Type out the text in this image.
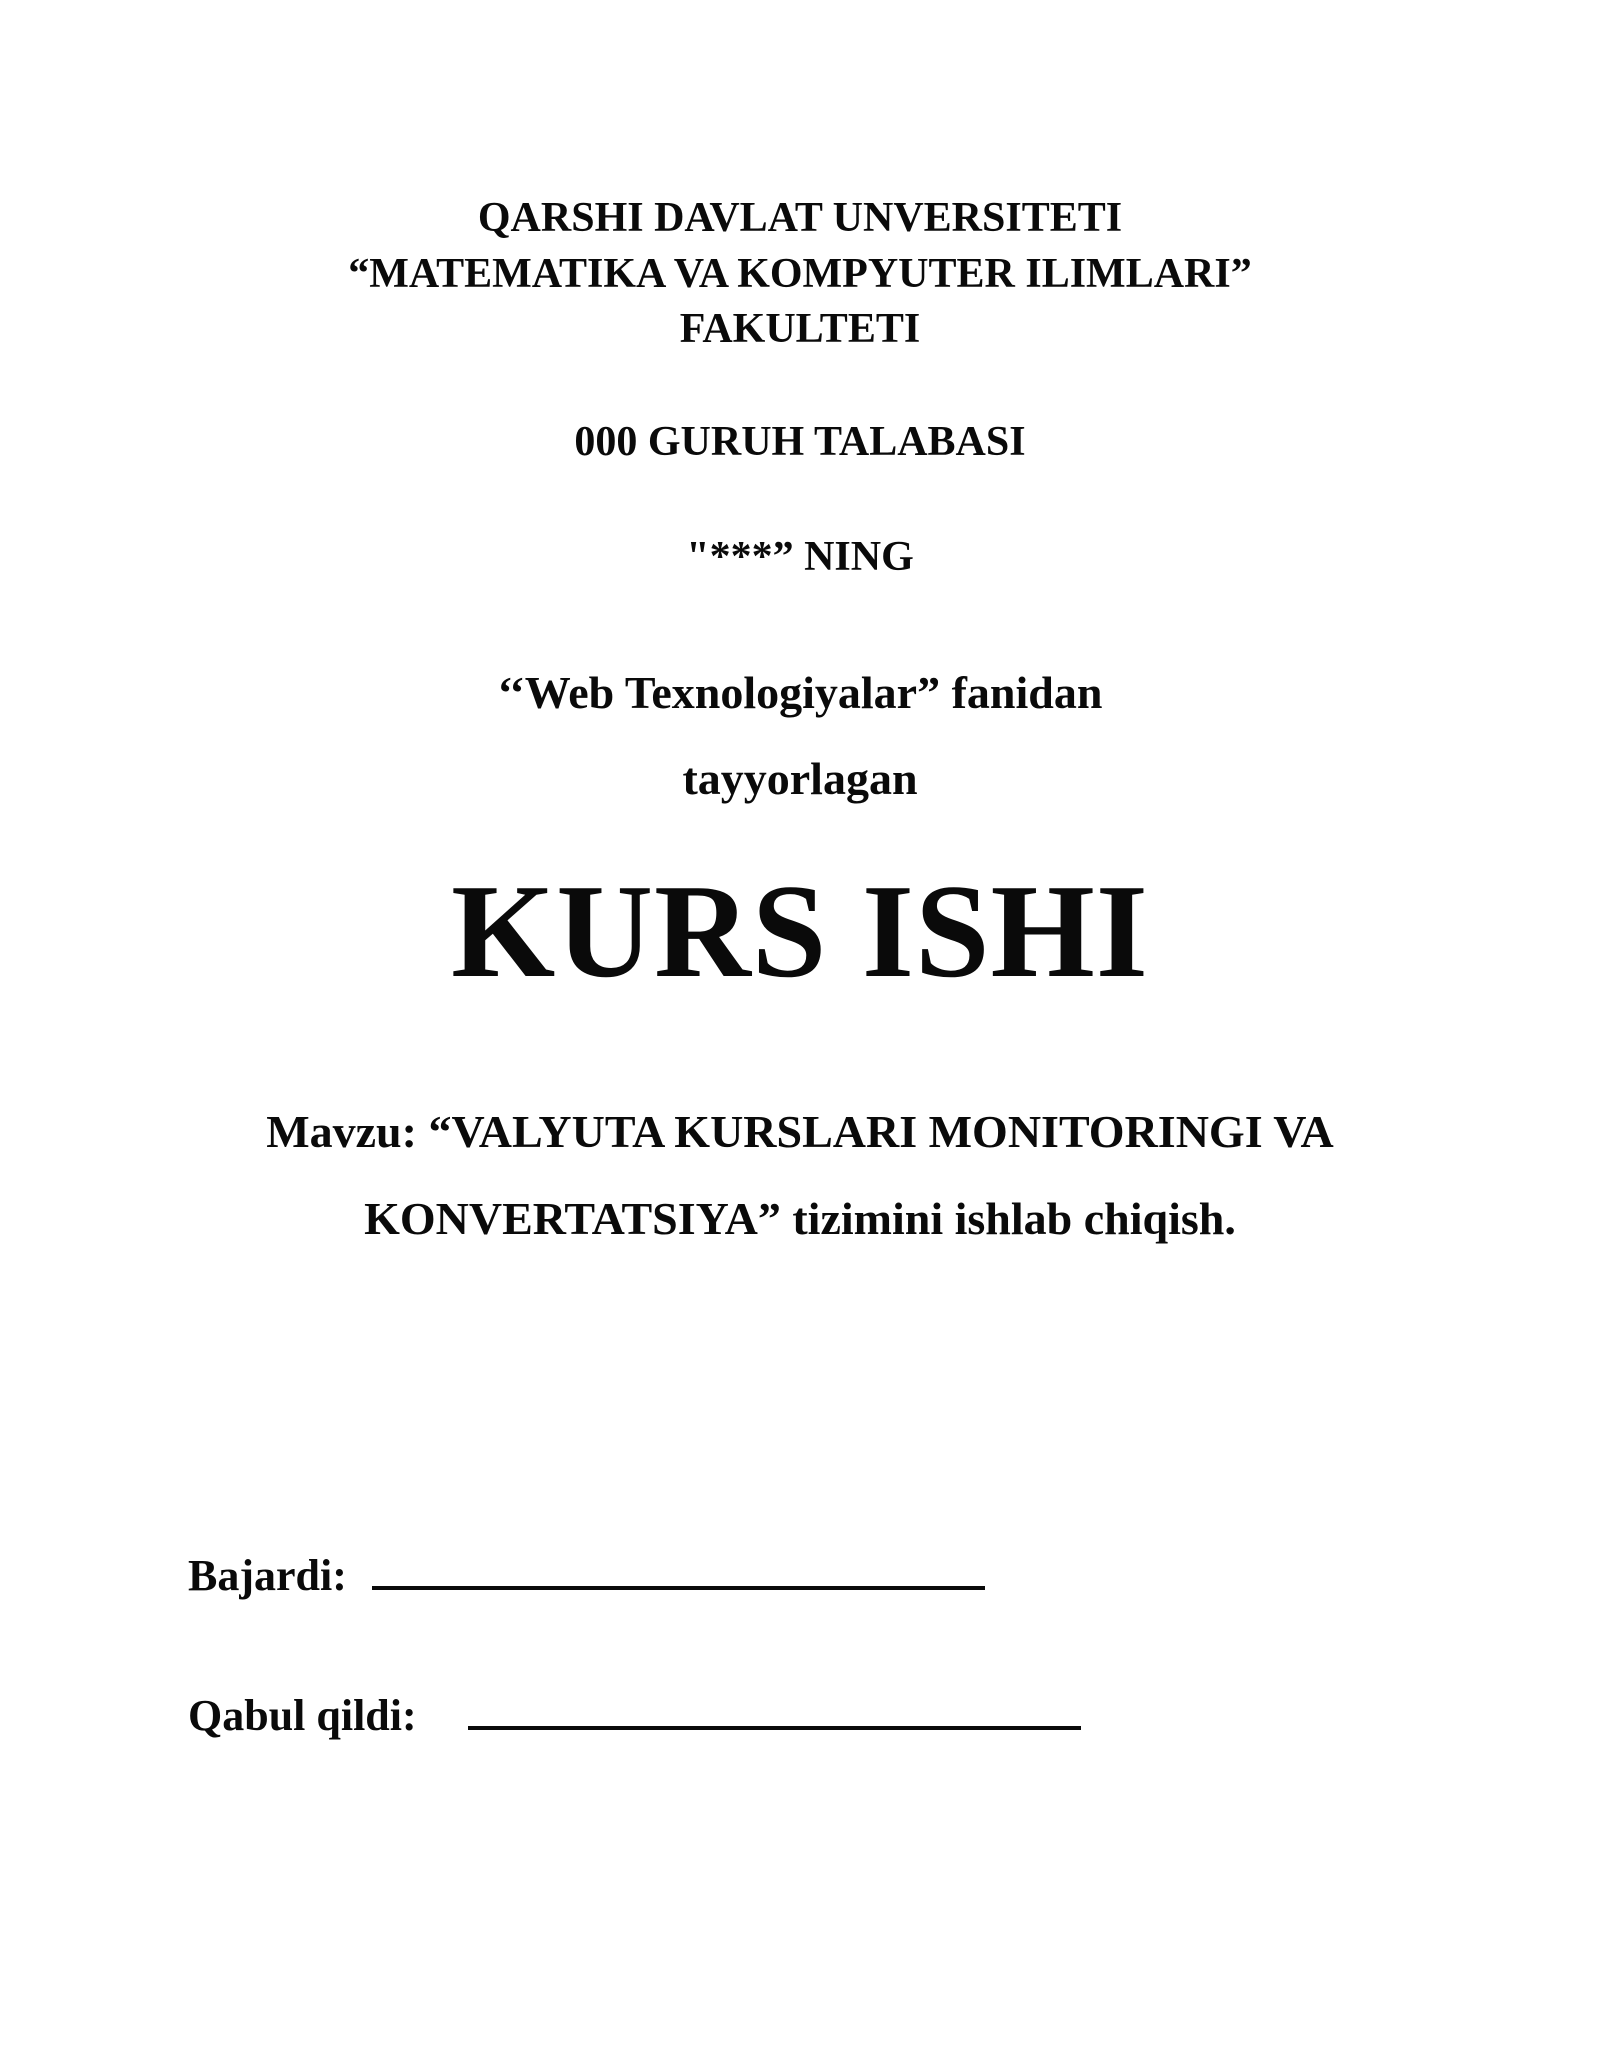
QARSHI DAVLAT UNVERSITETI
“MATEMATIKA VA KOMPYUTER ILIMLARI”
FAKULTETI
000 GURUH TALABASI
"***” NING
‘‘Web Texnologiyalar” fanidan
tayyorlagan
KURS ISHI
Mavzu: “VALYUTA KURSLARI MONITORINGI VA
KONVERTATSIYA” tizimini ishlab chiqish.
Bajardi:
Qabul qildi:
